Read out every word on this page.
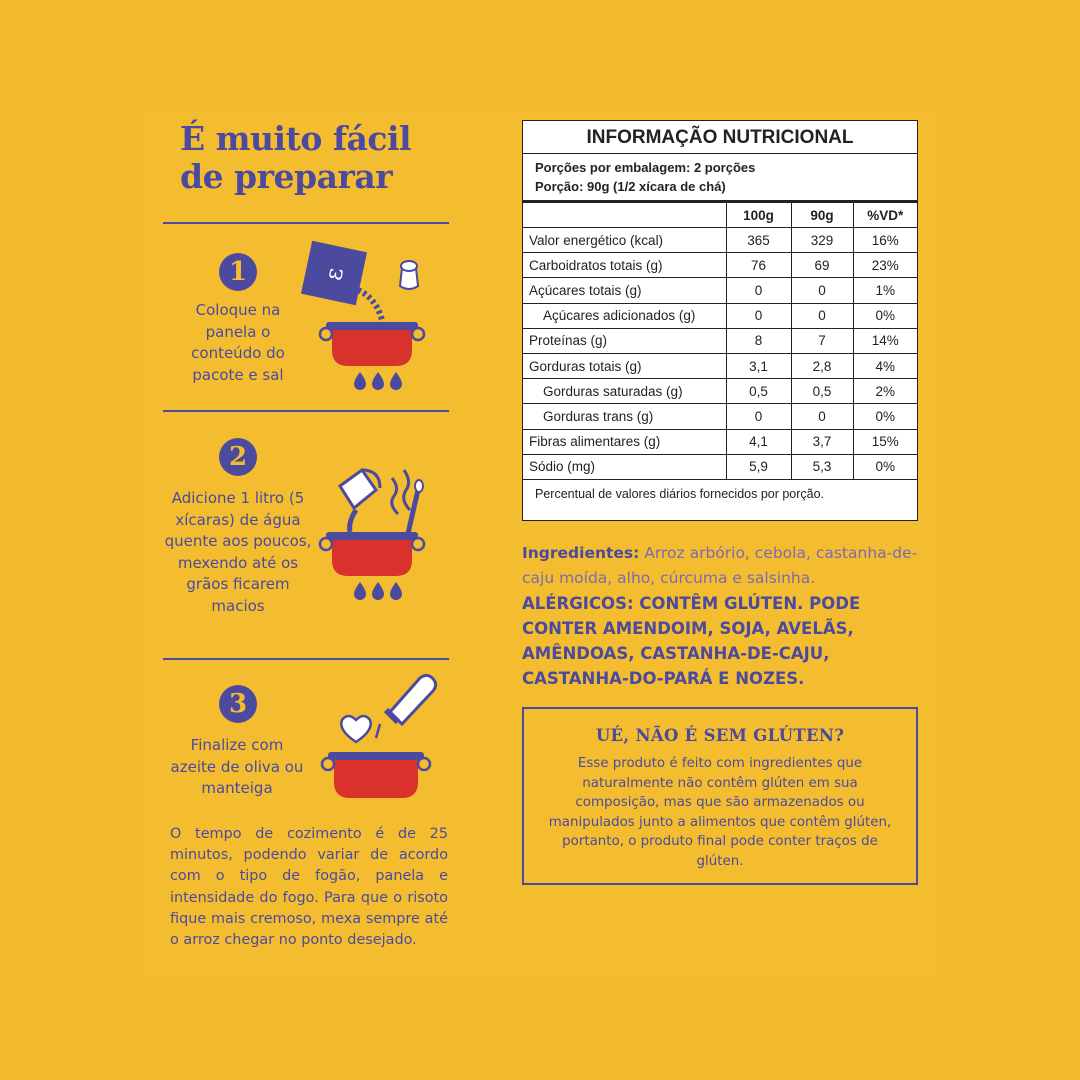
É muito fácil de preparar
1
Coloque na panela o conteúdo do pacote e sal
ε
2
Adicione 1 litro (5 xícaras) de água quente aos poucos, mexendo até os grãos ficarem macios
3
Finalize com azeite de oliva ou manteiga
O tempo de cozimento é de 25 minutos, podendo variar de acordo com o tipo de fogão, panela e intensidade do fogo. Para que o risoto fique mais cremoso, mexa sempre até o arroz chegar no ponto desejado.
INFORMAÇÃO NUTRICIONAL
Porções por embalagem: 2 porções
Porção: 90g (1/2 xícara de chá)
	100g	90g	%VD*
Valor energético (kcal)	365	329	16%
Carboidratos totais (g)	76	69	23%
Açúcares totais (g)	0	0	1%
Açúcares adicionados (g)	0	0	0%
Proteínas (g)	8	7	14%
Gorduras totais (g)	3,1	2,8	4%
Gorduras saturadas (g)	0,5	0,5	2%
Gorduras trans (g)	0	0	0%
Fibras alimentares (g)	4,1	3,7	15%
Sódio (mg)	5,9	5,3	0%
Percentual de valores diários fornecidos por porção.
Ingredientes: Arroz arbório, cebola, castanha-de-caju moída, alho, cúrcuma e salsinha.
ALÉRGICOS: CONTÊM GLÚTEN. PODE CONTER AMENDOIM, SOJA, AVELÃS, AMÊNDOAS, CASTANHA-DE-CAJU, CASTANHA-DO-PARÁ E NOZES.
UÉ, NÃO É SEM GLÚTEN?
Esse produto é feito com ingredientes que naturalmente não contêm glúten em sua composição, mas que são armazenados ou manipulados junto a alimentos que contêm glúten, portanto, o produto final pode conter traços de glúten.
